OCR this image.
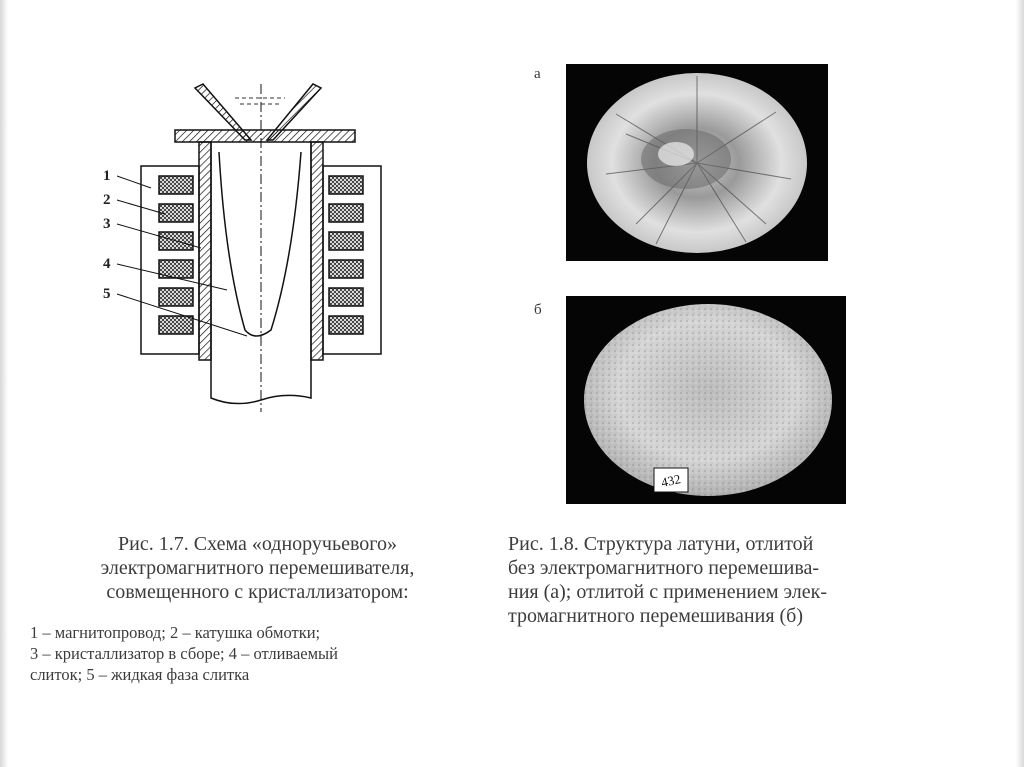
1
2
3
4
5
а
б
432
Рис. 1.7. Схема «одноручьевого»
электромагнитного перемешивателя,
совмещенного с кристаллизатором:
1 – магнитопровод; 2 – катушка обмотки;
3 – кристаллизатор в сборе; 4 – отливаемый
слиток; 5 – жидкая фаза слитка
Рис. 1.8. Структура латуни, отлитой
без электромагнитного перемешива-
ния (а); отлитой с применением элек-
тромагнитного перемешивания (б)
